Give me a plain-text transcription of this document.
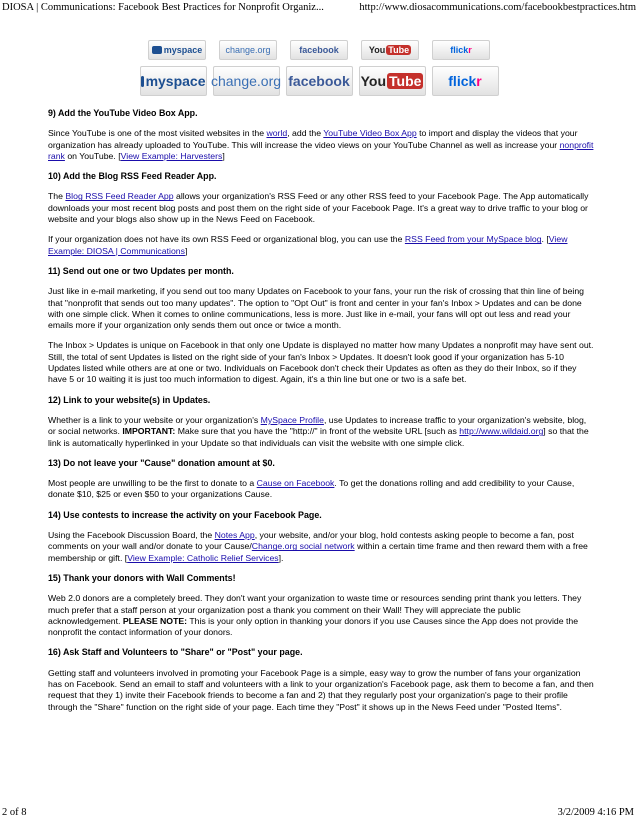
DIOSA | Communications: Facebook Best Practices for Nonprofit Organiz...	http://www.diosacommunications.com/facebookbestpractices.htm
myspace	change.org	facebook	You Tube	flick r
myspace change.org facebook You Tube flick r
9) Add the YouTube Video Box App.

Since YouTube is one of the most visited websites in the world, add the YouTube Video Box App to import and display the videos that your organization has already uploaded to YouTube. This will increase the video views on your YouTube Channel as well as increase your nonprofit rank on YouTube. [View Example: Harvesters]

10) Add the Blog RSS Feed Reader App.

The Blog RSS Feed Reader App allows your organization's RSS Feed or any other RSS feed to your Facebook Page. The App automatically downloads your most recent blog posts and post them on the right side of your Facebook Page. It's a great way to drive traffic to your blog or website and your blogs also show up in the News Feed on Facebook.

If your organization does not have its own RSS Feed or organizational blog, you can use the RSS Feed from your MySpace blog. [View Example: DIOSA | Communications]

11) Send out one or two Updates per month.

Just like in e-mail marketing, if you send out too many Updates on Facebook to your fans, your run the risk of crossing that thin line of being that "nonprofit that sends out too many updates". The option to "Opt Out" is front and center in your fan's Inbox > Updates and can be done with one simple click. When it comes to online communications, less is more. Just like in e-mail, your fans will opt out less and read your emails more if your organization only sends them out once or twice a month.

The Inbox > Updates is unique on Facebook in that only one Update is displayed no matter how many Updates a nonprofit may have sent out. Still, the total of sent Updates is listed on the right side of your fan's Inbox > Updates. It doesn't look good if your organization has 5-10 Updates listed while others are at one or two. Individuals on Facebook don't check their Updates as often as they do their Inbox, so if they have 5 or 10 waiting it is just too much information to digest. Again, it's a thin line but one or two is a safe bet.

12) Link to your website(s) in Updates.

Whether is a link to your website or your organization's MySpace Profile, use Updates to increase traffic to your organization's website, blog, or social networks. IMPORTANT: Make sure that you have the "http://" in front of the website URL [such as http://www.wildaid.org] so that the link is automatically hyperlinked in your Update so that individuals can visit the website with one simple click.

13) Do not leave your "Cause" donation amount at $0.

Most people are unwilling to be the first to donate to a Cause on Facebook. To get the donations rolling and add credibility to your Cause, donate $10, $25 or even $50 to your organizations Cause.

14) Use contests to increase the activity on your Facebook Page.

Using the Facebook Discussion Board, the Notes App, your website, and/or your blog, hold contests asking people to become a fan, post comments on your wall and/or donate to your Cause/Change.org social network within a certain time frame and then reward them with a free membership or gift. [View Example: Catholic Relief Services].

15) Thank your donors with Wall Comments!

Web 2.0 donors are a completely breed. They don't want your organization to waste time or resources sending print thank you letters. They much prefer that a staff person at your organization post a thank you comment on their Wall! They will appreciate the public acknowledgement. PLEASE NOTE: This is your only option in thanking your donors if you use Causes since the App does not provide the nonprofit the contact information of your donors.

16) Ask Staff and Volunteers to "Share" or "Post" your page.

Getting staff and volunteers involved in promoting your Facebook Page is a simple, easy way to grow the number of fans your organization has on Facebook. Send an email to staff and volunteers with a link to your organization's Facebook page, ask them to become a fan, and then request that they 1) invite their Facebook friends to become a fan and 2) that they regularly post your organization's page to their profile through the "Share" function on the right side of your page. Each time they "Post" it shows up in the News Feed under "Posted Items".

2 of 8	3/2/2009 4:16 PM
